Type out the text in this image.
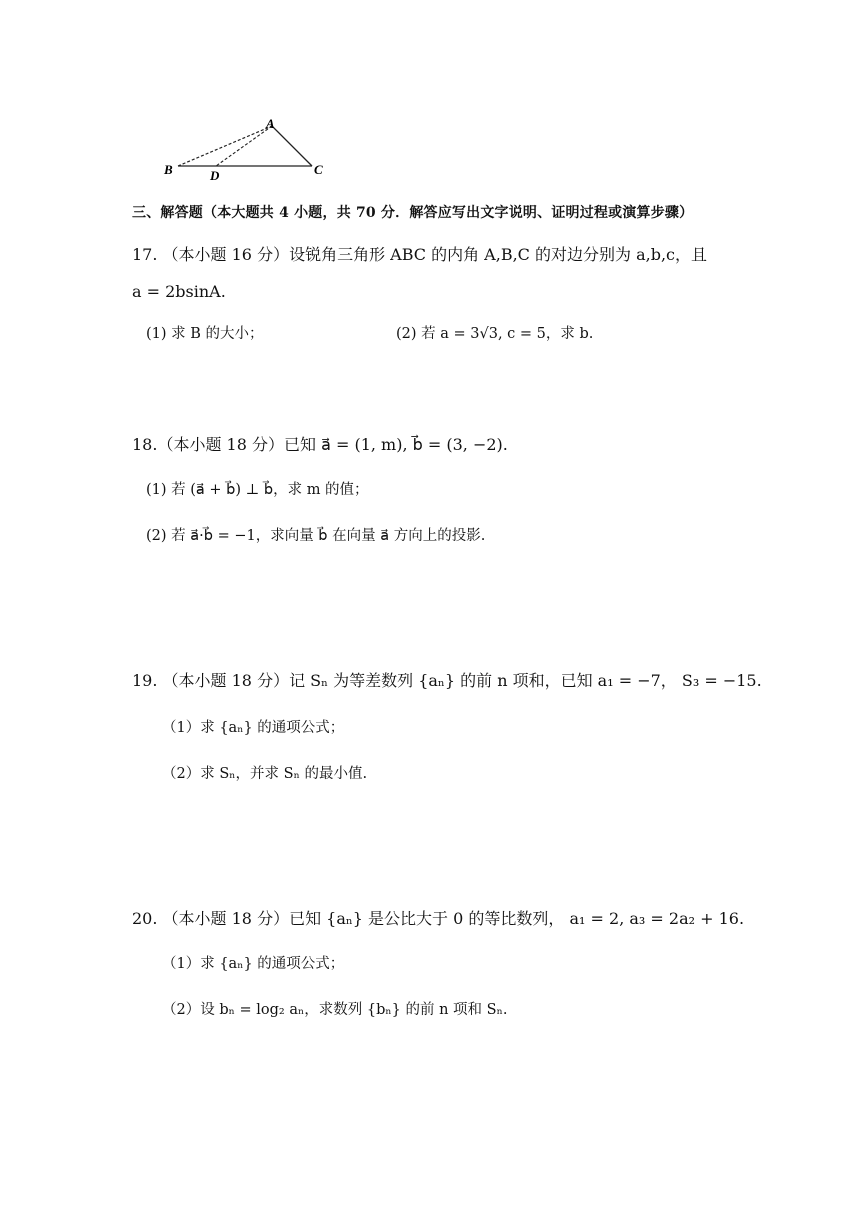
A
B	C
D
三、解答题（本大题共 4 小题，共 70 分．解答应写出文字说明、证明过程或演算步骤）
17. （本小题 16 分）设锐角三角形 ABC 的内角 A,B,C 的对边分别为 a,b,c，且
a = 2bsinA.
(1) 求 B 的大小；	(2) 若 a = 3√3, c = 5，求 b.
18.（本小题 18 分）已知 a⃗ = (1, m), b⃗ = (3, −2).
(1) 若 (a⃗ + b⃗) ⊥ b⃗，求 m 的值；
(2) 若 a⃗·b⃗ = −1，求向量 b⃗ 在向量 a⃗ 方向上的投影.
19. （本小题 18 分）记 Sₙ 为等差数列 {aₙ} 的前 n 项和，已知 a₁ = −7， S₃ = −15.
（1）求 {aₙ} 的通项公式；
（2）求 Sₙ，并求 Sₙ 的最小值.
20. （本小题 18 分）已知 {aₙ} 是公比大于 0 的等比数列， a₁ = 2, a₃ = 2a₂ + 16.
（1）求 {aₙ} 的通项公式；
（2）设 bₙ = log₂ aₙ，求数列 {bₙ} 的前 n 项和 Sₙ.
